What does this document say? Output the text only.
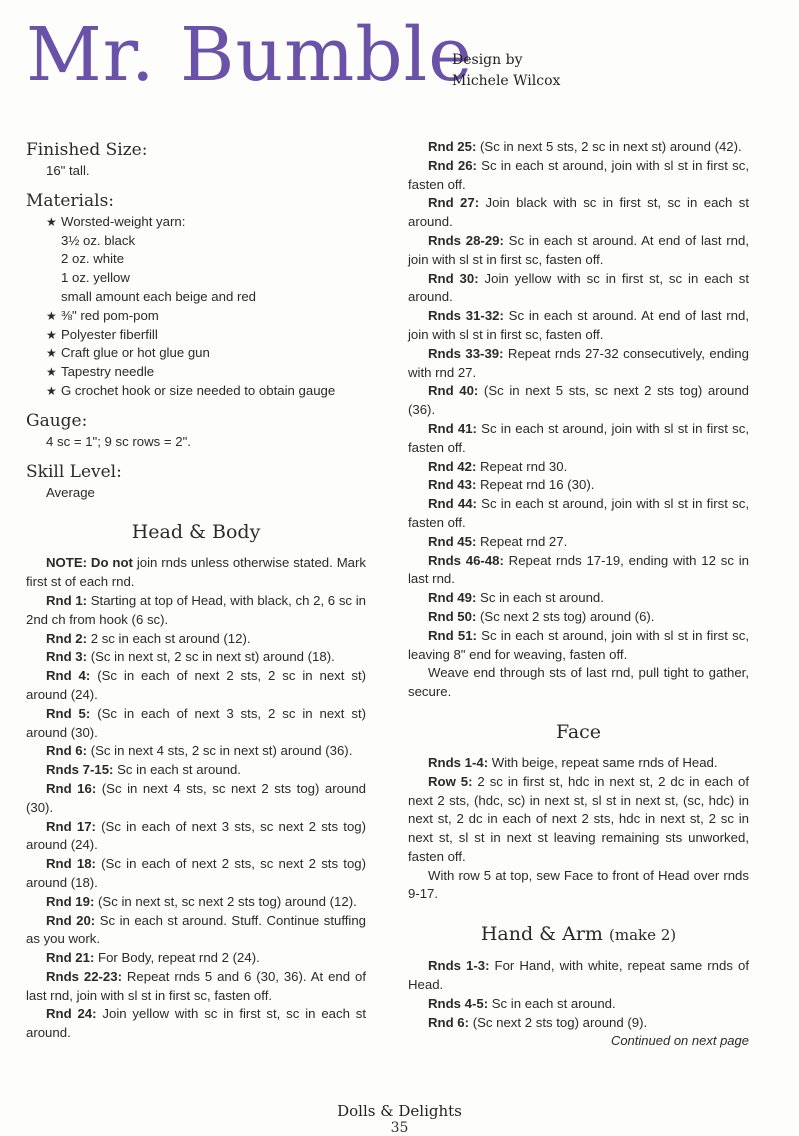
Mr. Bumble
Design by
Michele Wilcox
Finished Size:
16" tall.
Materials:
★ Worsted-weight yarn:
3½ oz. black
2 oz. white
1 oz. yellow
small amount each beige and red
★ ⅜" red pom-pom
★ Polyester fiberfill
★ Craft glue or hot glue gun
★ Tapestry needle
★ G crochet hook or size needed to obtain gauge
Gauge:
4 sc = 1"; 9 sc rows = 2".
Skill Level:
Average
Head & Body

NOTE: Do not join rnds unless otherwise stated. Mark first st of each rnd.

Rnd 1: Starting at top of Head, with black, ch 2, 6 sc in 2nd ch from hook (6 sc).

Rnd 2: 2 sc in each st around (12).

Rnd 3: (Sc in next st, 2 sc in next st) around (18).

Rnd 4: (Sc in each of next 2 sts, 2 sc in next st) around (24).

Rnd 5: (Sc in each of next 3 sts, 2 sc in next st) around (30).

Rnd 6: (Sc in next 4 sts, 2 sc in next st) around (36).

Rnds 7-15: Sc in each st around.

Rnd 16: (Sc in next 4 sts, sc next 2 sts tog) around (30).

Rnd 17: (Sc in each of next 3 sts, sc next 2 sts tog) around (24).

Rnd 18: (Sc in each of next 2 sts, sc next 2 sts tog) around (18).

Rnd 19: (Sc in next st, sc next 2 sts tog) around (12).

Rnd 20: Sc in each st around. Stuff. Continue stuffing as you work.

Rnd 21: For Body, repeat rnd 2 (24).

Rnds 22-23: Repeat rnds 5 and 6 (30, 36). At end of last rnd, join with sl st in first sc, fasten off.

Rnd 24: Join yellow with sc in first st, sc in each st around.

Rnd 25: (Sc in next 5 sts, 2 sc in next st) around (42).

Rnd 26: Sc in each st around, join with sl st in first sc, fasten off.

Rnd 27: Join black with sc in first st, sc in each st around.

Rnds 28-29: Sc in each st around. At end of last rnd, join with sl st in first sc, fasten off.

Rnd 30: Join yellow with sc in first st, sc in each st around.

Rnds 31-32: Sc in each st around. At end of last rnd, join with sl st in first sc, fasten off.

Rnds 33-39: Repeat rnds 27-32 consecutively, ending with rnd 27.

Rnd 40: (Sc in next 5 sts, sc next 2 sts tog) around (36).

Rnd 41: Sc in each st around, join with sl st in first sc, fasten off.

Rnd 42: Repeat rnd 30.

Rnd 43: Repeat rnd 16 (30).

Rnd 44: Sc in each st around, join with sl st in first sc, fasten off.

Rnd 45: Repeat rnd 27.

Rnds 46-48: Repeat rnds 17-19, ending with 12 sc in last rnd.

Rnd 49: Sc in each st around.

Rnd 50: (Sc next 2 sts tog) around (6).

Rnd 51: Sc in each st around, join with sl st in first sc, leaving 8" end for weaving, fasten off.

Weave end through sts of last rnd, pull tight to gather, secure.

Face

Rnds 1-4: With beige, repeat same rnds of Head.

Row 5: 2 sc in first st, hdc in next st, 2 dc in each of next 2 sts, (hdc, sc) in next st, sl st in next st, (sc, hdc) in next st, 2 dc in each of next 2 sts, hdc in next st, 2 sc in next st, sl st in next st leaving remaining sts unworked, fasten off.

With row 5 at top, sew Face to front of Head over rnds 9-17.

Hand & Arm (make 2)

Rnds 1-3: For Hand, with white, repeat same rnds of Head.

Rnds 4-5: Sc in each st around.

Rnd 6: (Sc next 2 sts tog) around (9).

Continued on next page
Dolls & Delights
35
